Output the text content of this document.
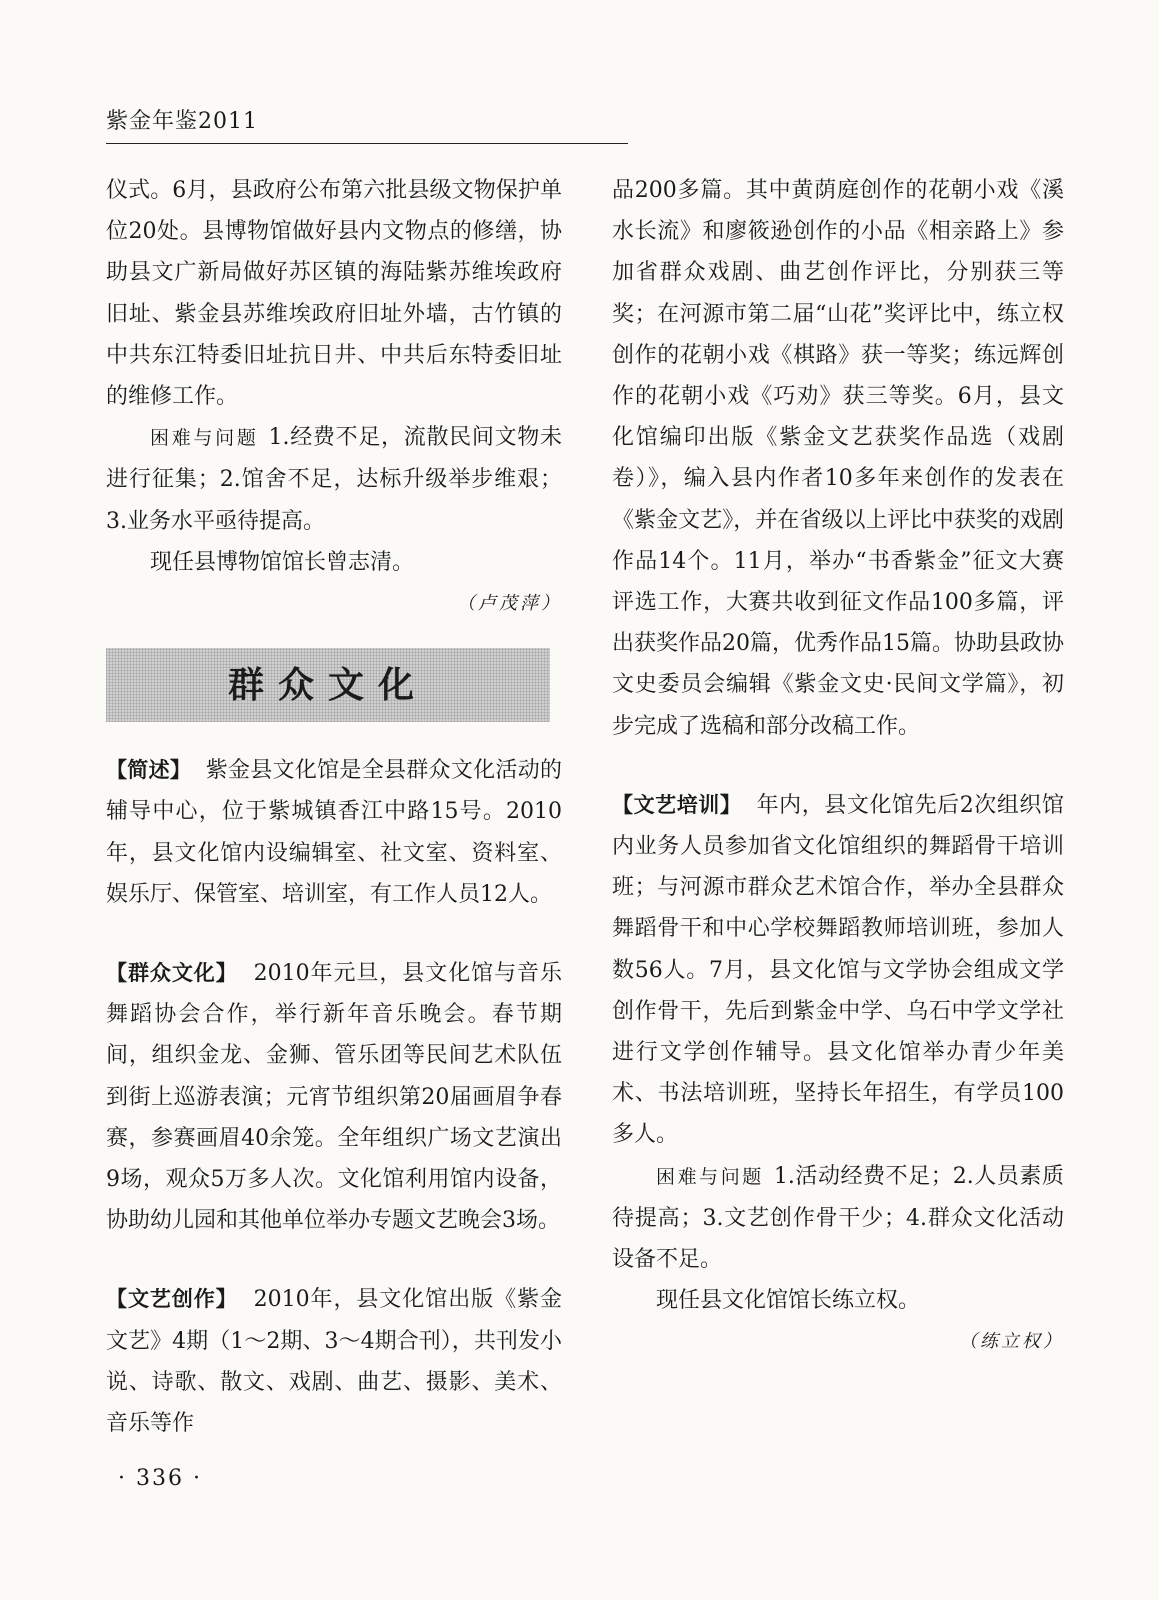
紫金年鉴2011

仪式。6月，县政府公布第六批县级文物保护单位20处。县博物馆做好县内文物点的修缮，协助县文广新局做好苏区镇的海陆紫苏维埃政府旧址、紫金县苏维埃政府旧址外墙，古竹镇的中共东江特委旧址抗日井、中共后东特委旧址的维修工作。

困难与问题 1.经费不足，流散民间文物未进行征集；2.馆舍不足，达标升级举步维艰；3.业务水平亟待提高。

现任县博物馆馆长曾志清。

（卢茂萍）

群众文化

【简述】 紫金县文化馆是全县群众文化活动的辅导中心，位于紫城镇香江中路15号。2010年，县文化馆内设编辑室、社文室、资料室、娱乐厅、保管室、培训室，有工作人员12人。

【群众文化】 2010年元旦，县文化馆与音乐舞蹈协会合作，举行新年音乐晚会。春节期间，组织金龙、金狮、管乐团等民间艺术队伍到街上巡游表演；元宵节组织第20届画眉争春赛，参赛画眉40余笼。全年组织广场文艺演出9场，观众5万多人次。文化馆利用馆内设备，协助幼儿园和其他单位举办专题文艺晚会3场。

【文艺创作】 2010年，县文化馆出版《紫金文艺》4期（1～2期、3～4期合刊），共刊发小说、诗歌、散文、戏剧、曲艺、摄影、美术、音乐等作

品200多篇。其中黄荫庭创作的花朝小戏《溪水长流》和廖筱逊创作的小品《相亲路上》参加省群众戏剧、曲艺创作评比，分别获三等奖；在河源市第二届“山花”奖评比中，练立权创作的花朝小戏《棋路》获一等奖；练远辉创作的花朝小戏《巧劝》获三等奖。6月，县文化馆编印出版《紫金文艺获奖作品选（戏剧卷）》，编入县内作者10多年来创作的发表在《紫金文艺》，并在省级以上评比中获奖的戏剧作品14个。11月，举办“书香紫金”征文大赛评选工作，大赛共收到征文作品100多篇，评出获奖作品20篇，优秀作品15篇。协助县政协文史委员会编辑《紫金文史·民间文学篇》，初步完成了选稿和部分改稿工作。

【文艺培训】 年内，县文化馆先后2次组织馆内业务人员参加省文化馆组织的舞蹈骨干培训班；与河源市群众艺术馆合作，举办全县群众舞蹈骨干和中心学校舞蹈教师培训班，参加人数56人。7月，县文化馆与文学协会组成文学创作骨干，先后到紫金中学、乌石中学文学社进行文学创作辅导。县文化馆举办青少年美术、书法培训班，坚持长年招生，有学员100多人。

困难与问题 1.活动经费不足；2.人员素质待提高；3.文艺创作骨干少；4.群众文化活动设备不足。

现任县文化馆馆长练立权。

（练立权）

· 336 ·
